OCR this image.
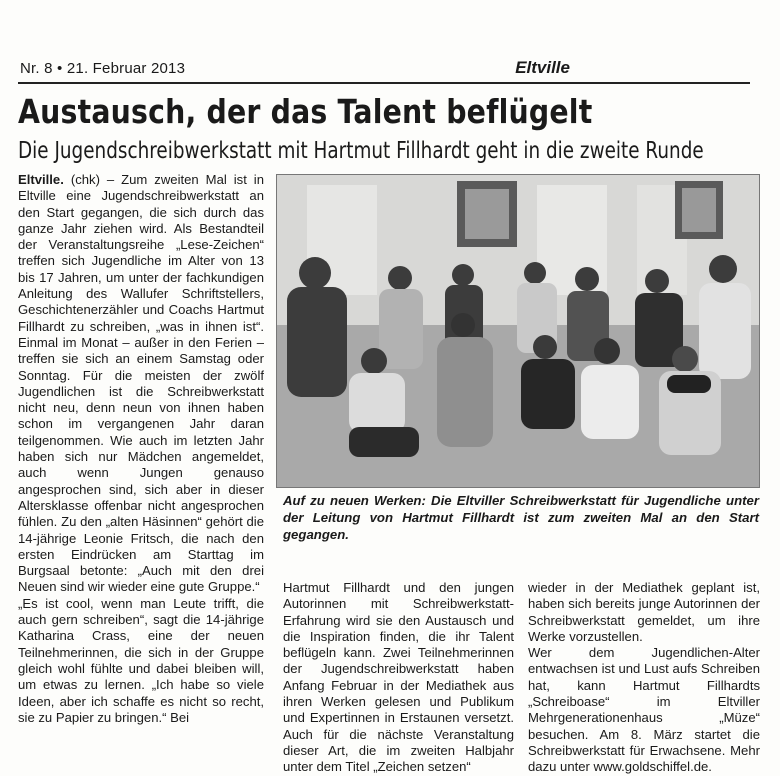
Nr. 8 • 21. Februar 2013	Eltville
Austausch, der das Talent beflügelt
Die Jugendschreibwerkstatt mit Hartmut Fillhardt geht in die zweite Runde

Eltville. (chk) – Zum zweiten Mal ist in Eltville eine Jugendschreibwerkstatt an den Start gegangen, die sich durch das ganze Jahr ziehen wird. Als Bestandteil der Veranstaltungsreihe „Lese-Zeichen“ treffen sich Jugendliche im Alter von 13 bis 17 Jahren, um unter der fachkundigen Anleitung des Wallufer Schriftstellers, Geschichtenerzähler und Coachs Hartmut Fillhardt zu schreiben, „was in ihnen ist“. Einmal im Monat – außer in den Ferien – treffen sie sich an einem Samstag oder Sonntag. Für die meisten der zwölf Jugendlichen ist die Schreibwerkstatt nicht neu, denn neun von ihnen haben schon im vergangenen Jahr daran teilgenommen. Wie auch im letzten Jahr haben sich nur Mädchen angemeldet, auch wenn Jungen genauso angesprochen sind, sich aber in dieser Altersklasse offenbar nicht angesprochen fühlen. Zu den „alten Häsinnen“ gehört die 14-jährige Leonie Fritsch, die nach den ersten Eindrücken am Starttag im Burgsaal betonte: „Auch mit den drei Neuen sind wir wieder eine gute Gruppe.“

„Es ist cool, wenn man Leute trifft, die auch gern schreiben“, sagt die 14-jährige Katharina Crass, eine der neuen Teilnehmerinnen, die sich in der Gruppe gleich wohl fühlte und dabei bleiben will, um etwas zu lernen. „Ich habe so viele Ideen, aber ich schaffe es nicht so recht, sie zu Papier zu bringen.“ Bei

Auf zu neuen Werken: Die Eltviller Schreibwerkstatt für Jugendliche unter der Leitung von Hartmut Fillhardt ist zum zweiten Mal an den Start gegangen.

Hartmut Fillhardt und den jungen Autorinnen mit Schreibwerkstatt-Erfahrung wird sie den Austausch und die Inspiration finden, die ihr Talent beflügeln kann. Zwei Teilnehmerinnen der Jugendschreibwerkstatt haben Anfang Februar in der Mediathek aus ihren Werken gelesen und Publikum und Expertinnen in Erstaunen versetzt. Auch für die nächste Veranstaltung dieser Art, die im zweiten Halbjahr unter dem Titel „Zeichen setzen“

wieder in der Mediathek geplant ist, haben sich bereits junge Autorinnen der Schreibwerkstatt gemeldet, um ihre Werke vorzustellen.

Wer dem Jugendlichen-Alter entwachsen ist und Lust aufs Schreiben hat, kann Hartmut Fillhardts „Schreiboase“ im Eltviller Mehrgenerationenhaus „Müze“ besuchen. Am 8. März startet die Schreibwerkstatt für Erwachsene. Mehr dazu unter www.goldschiffel.de.
